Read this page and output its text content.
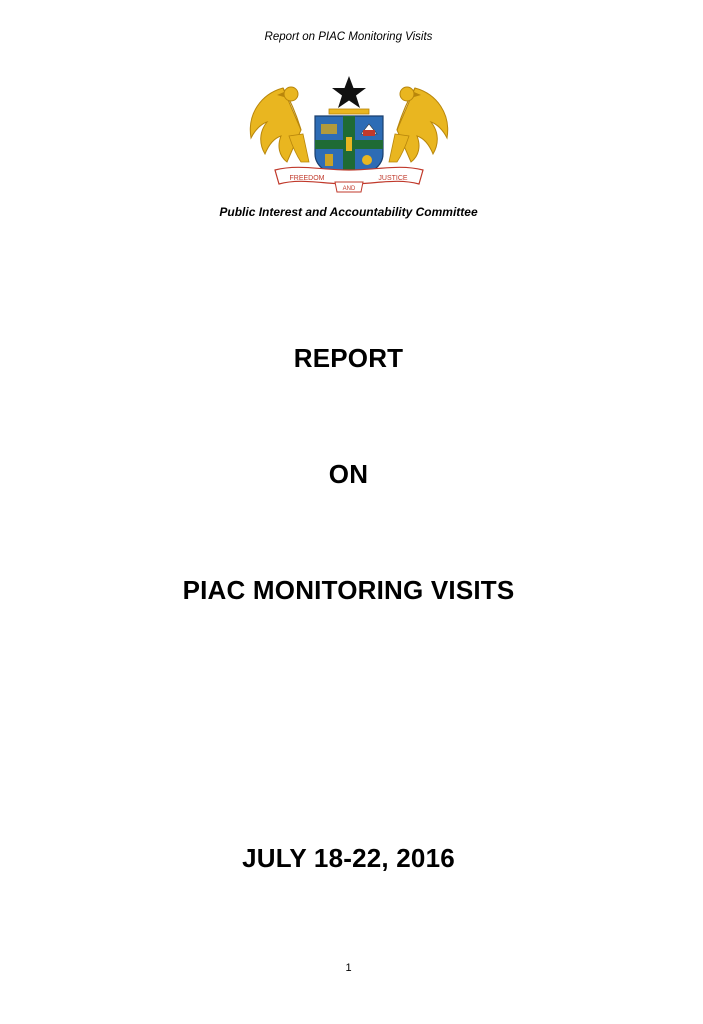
Report on PIAC Monitoring Visits
FREEDOM	JUSTICE
AND
Public Interest and Accountability Committee
REPORT
ON
PIAC MONITORING VISITS
JULY 18-22, 2016
1
